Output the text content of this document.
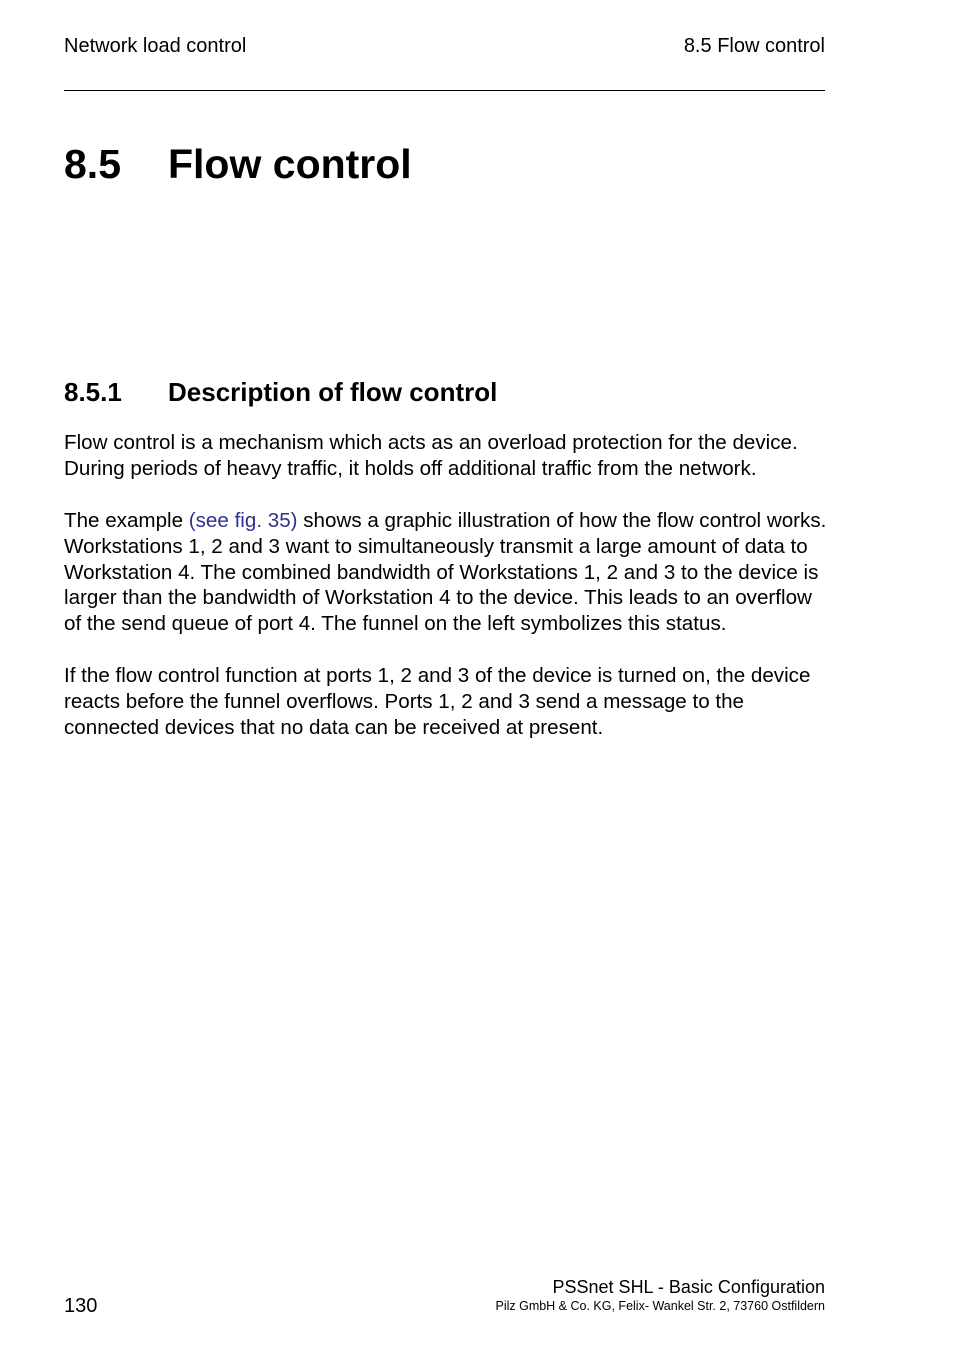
Network load control	8.5 Flow control
8.5 Flow control
8.5.1 Description of flow control

Flow control is a mechanism which acts as an overload protection for the device. During periods of heavy traffic, it holds off additional traffic from the network.

The example (see fig. 35) shows a graphic illustration of how the flow control works. Workstations 1, 2 and 3 want to simultaneously transmit a large amount of data to Workstation 4. The combined bandwidth of Workstations 1, 2 and 3 to the device is larger than the bandwidth of Workstation 4 to the device. This leads to an overflow of the send queue of port 4. The funnel on the left symbolizes this status.

If the flow control function at ports 1, 2 and 3 of the device is turned on, the device reacts before the funnel overflows. Ports 1, 2 and 3 send a message to the connected devices that no data can be received at present.

130
PSSnet SHL - Basic Configuration
Pilz GmbH & Co. KG, Felix- Wankel Str. 2, 73760 Ostfildern
